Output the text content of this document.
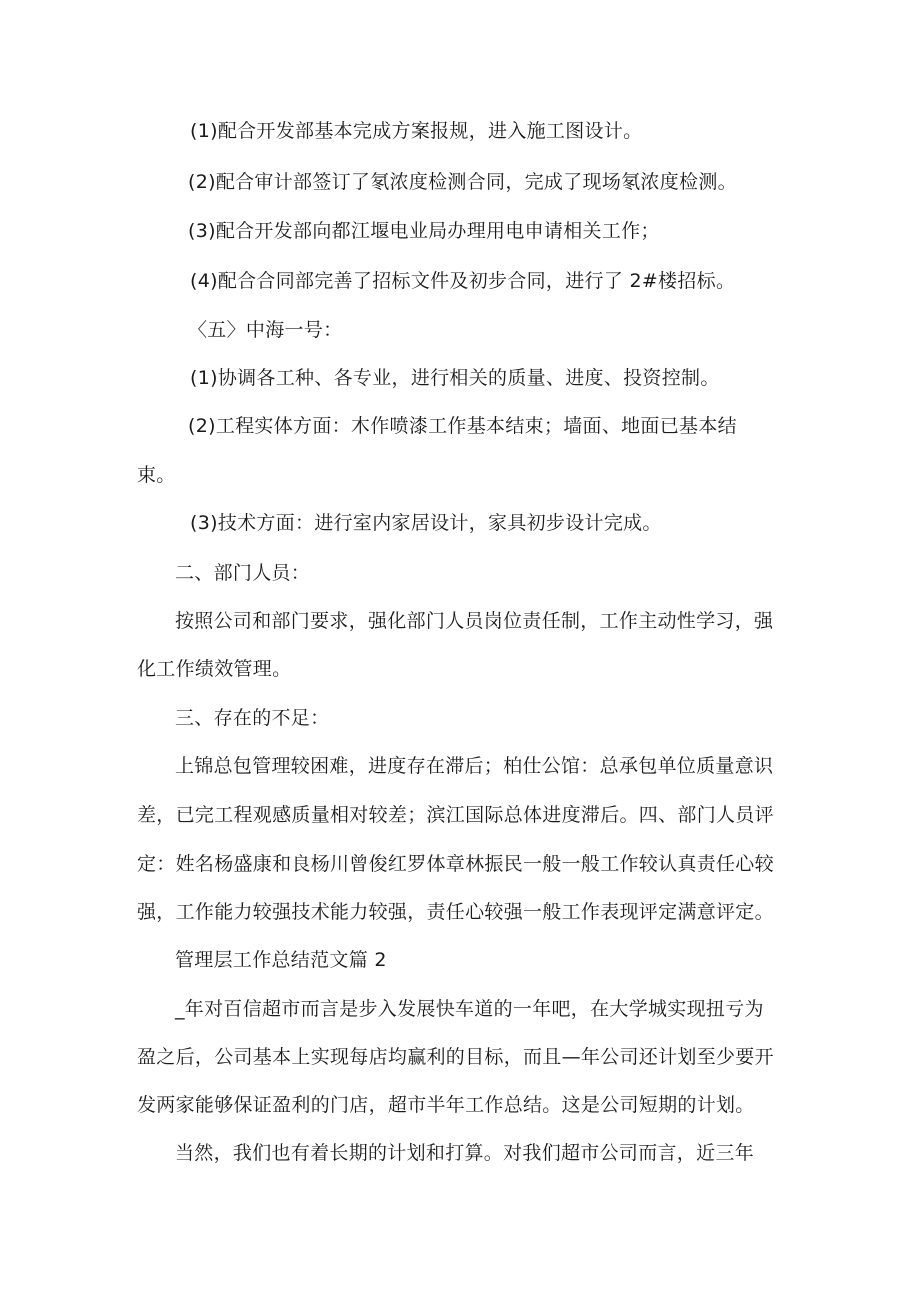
(1)配合开发部基本完成方案报规，进入施工图设计。
(2)配合审计部签订了氡浓度检测合同，完成了现场氡浓度检测。
(3)配合开发部向都江堰电业局办理用电申请相关工作；
(4)配合合同部完善了招标文件及初步合同，进行了 2#楼招标。
〈五〉中海一号：
(1)协调各工种、各专业，进行相关的质量、进度、投资控制。
(2)工程实体方面：木作喷漆工作基本结束；墙面、地面已基本结
束。
(3)技术方面：进行室内家居设计，家具初步设计完成。
二、部门人员：
按照公司和部门要求，强化部门人员岗位责任制，工作主动性学习，强
化工作绩效管理。
三、存在的不足：
上锦总包管理较困难，进度存在滞后；柏仕公馆：总承包单位质量意识
差，已完工程观感质量相对较差；滨江国际总体进度滞后。四、部门人员评
定：姓名杨盛康和良杨川曾俊红罗体章林振民一般一般工作较认真责任心较
强，工作能力较强技术能力较强，责任心较强一般工作表现评定满意评定。
管理层工作总结范文篇 2
_年对百信超市而言是步入发展快车道的一年吧，在大学城实现扭亏为
盈之后，公司基本上实现每店均赢利的目标，而且—年公司还计划至少要开
发两家能够保证盈利的门店，超市半年工作总结。这是公司短期的计划。
当然，我们也有着长期的计划和打算。对我们超市公司而言，近三年
